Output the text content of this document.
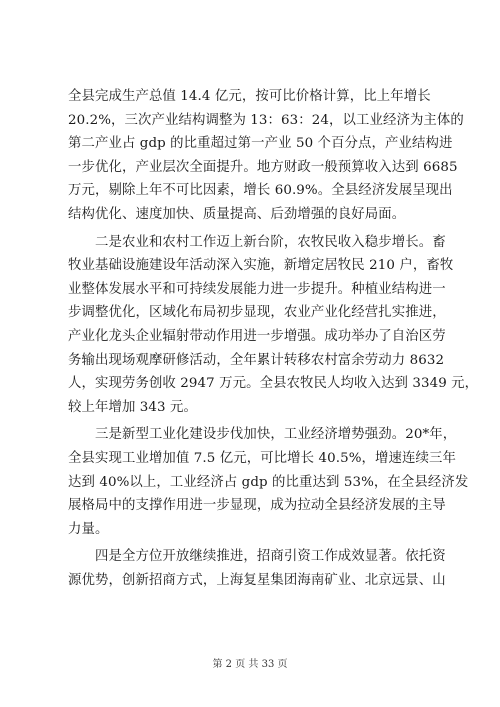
全县完成生产总值 14.4 亿元，按可比价格计算，比上年增长
20.2%，三次产业结构调整为 13：63：24，以工业经济为主体的
第二产业占 gdp 的比重超过第一产业 50 个百分点，产业结构进
一步优化，产业层次全面提升。地方财政一般预算收入达到 6685
万元，剔除上年不可比因素，增长 60.9%。全县经济发展呈现出
结构优化、速度加快、质量提高、后劲增强的良好局面。
　　二是农业和农村工作迈上新台阶，农牧民收入稳步增长。畜
牧业基础设施建设年活动深入实施，新增定居牧民 210 户，畜牧
业整体发展水平和可持续发展能力进一步提升。种植业结构进一
步调整优化，区域化布局初步显现，农业产业化经营扎实推进，
产业化龙头企业辐射带动作用进一步增强。成功举办了自治区劳
务输出现场观摩研修活动，全年累计转移农村富余劳动力 8632
人，实现劳务创收 2947 万元。全县农牧民人均收入达到 3349 元，
较上年增加 343 元。
　　三是新型工业化建设步伐加快，工业经济增势强劲。20*年，
全县实现工业增加值 7.5 亿元，可比增长 40.5%，增速连续三年
达到 40%以上，工业经济占 gdp 的比重达到 53%，在全县经济发
展格局中的支撑作用进一步显现，成为拉动全县经济发展的主导
力量。
　　四是全方位开放继续推进，招商引资工作成效显著。依托资
源优势，创新招商方式，上海复星集团海南矿业、北京远景、山
第 2 页 共 33 页
